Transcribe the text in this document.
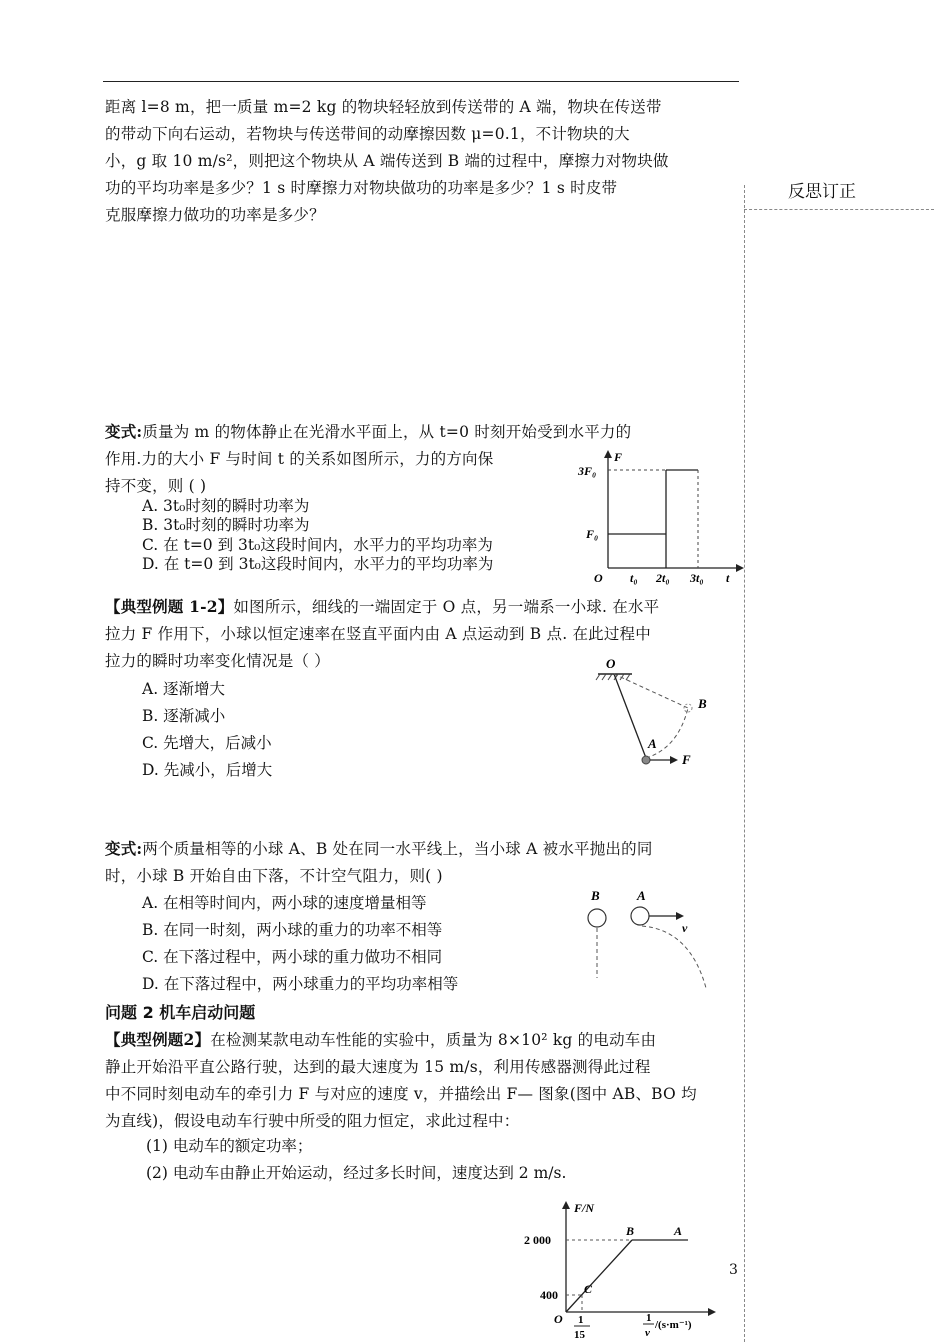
反思订正
距离 l=8 m，把一质量 m=2 kg 的物块轻轻放到传送带的 A 端，物块在传送带
的带动下向右运动，若物块与传送带间的动摩擦因数 μ=0.1，不计物块的大
小，g 取 10 m/s²，则把这个物块从 A 端传送到 B 端的过程中，摩擦力对物块做
功的平均功率是多少？1 s 时摩擦力对物块做功的功率是多少？1 s 时皮带
克服摩擦力做功的功率是多少？
变式:质量为 m 的物体静止在光滑水平面上，从 t=0 时刻开始受到水平力的
作用.力的大小 F 与时间 t 的关系如图所示，力的方向保
持不变，则 ( )
A. 3t₀时刻的瞬时功率为
B. 3t₀时刻的瞬时功率为
C. 在 t=0 到 3t₀这段时间内，水平力的平均功率为
D. 在 t=0 到 3t₀这段时间内，水平力的平均功率为
F
3F₀
F₀
O t₀ 2t₀ 3t₀ t
【典型例题 1-2】如图所示，细线的一端固定于 O 点，另一端系一小球. 在水平
拉力 F 作用下，小球以恒定速率在竖直平面内由 A 点运动到 B 点. 在此过程中
拉力的瞬时功率变化情况是（ ）
A. 逐渐增大
B. 逐渐减小
C. 先增大，后减小
D. 先减小，后增大
O
B
A
F
变式:两个质量相等的小球 A、B 处在同一水平线上，当小球 A 被水平抛出的同
时，小球 B 开始自由下落，不计空气阻力，则( )
A. 在相等时间内，两小球的速度增量相等
B. 在同一时刻，两小球的重力的功率不相等
C. 在下落过程中，两小球的重力做功不相同
D. 在下落过程中，两小球重力的平均功率相等
B	A
v
问题 2 机车启动问题
【典型例题2】在检测某款电动车性能的实验中，质量为 8×10² kg 的电动车由
静止开始沿平直公路行驶，达到的最大速度为 15 m/s，利用传感器测得此过程
中不同时刻电动车的牵引力 F 与对应的速度 v，并描绘出 F— 图象(图中 AB、BO 均
为直线)，假设电动车行驶中所受的阻力恒定，求此过程中：
(1) 电动车的额定功率；
(2) 电动车由静止开始运动，经过多长时间，速度达到 2 m/s.
F/N
2 000
400
B	A
C
O 1
15
1
v
/(s·m⁻¹)
3
